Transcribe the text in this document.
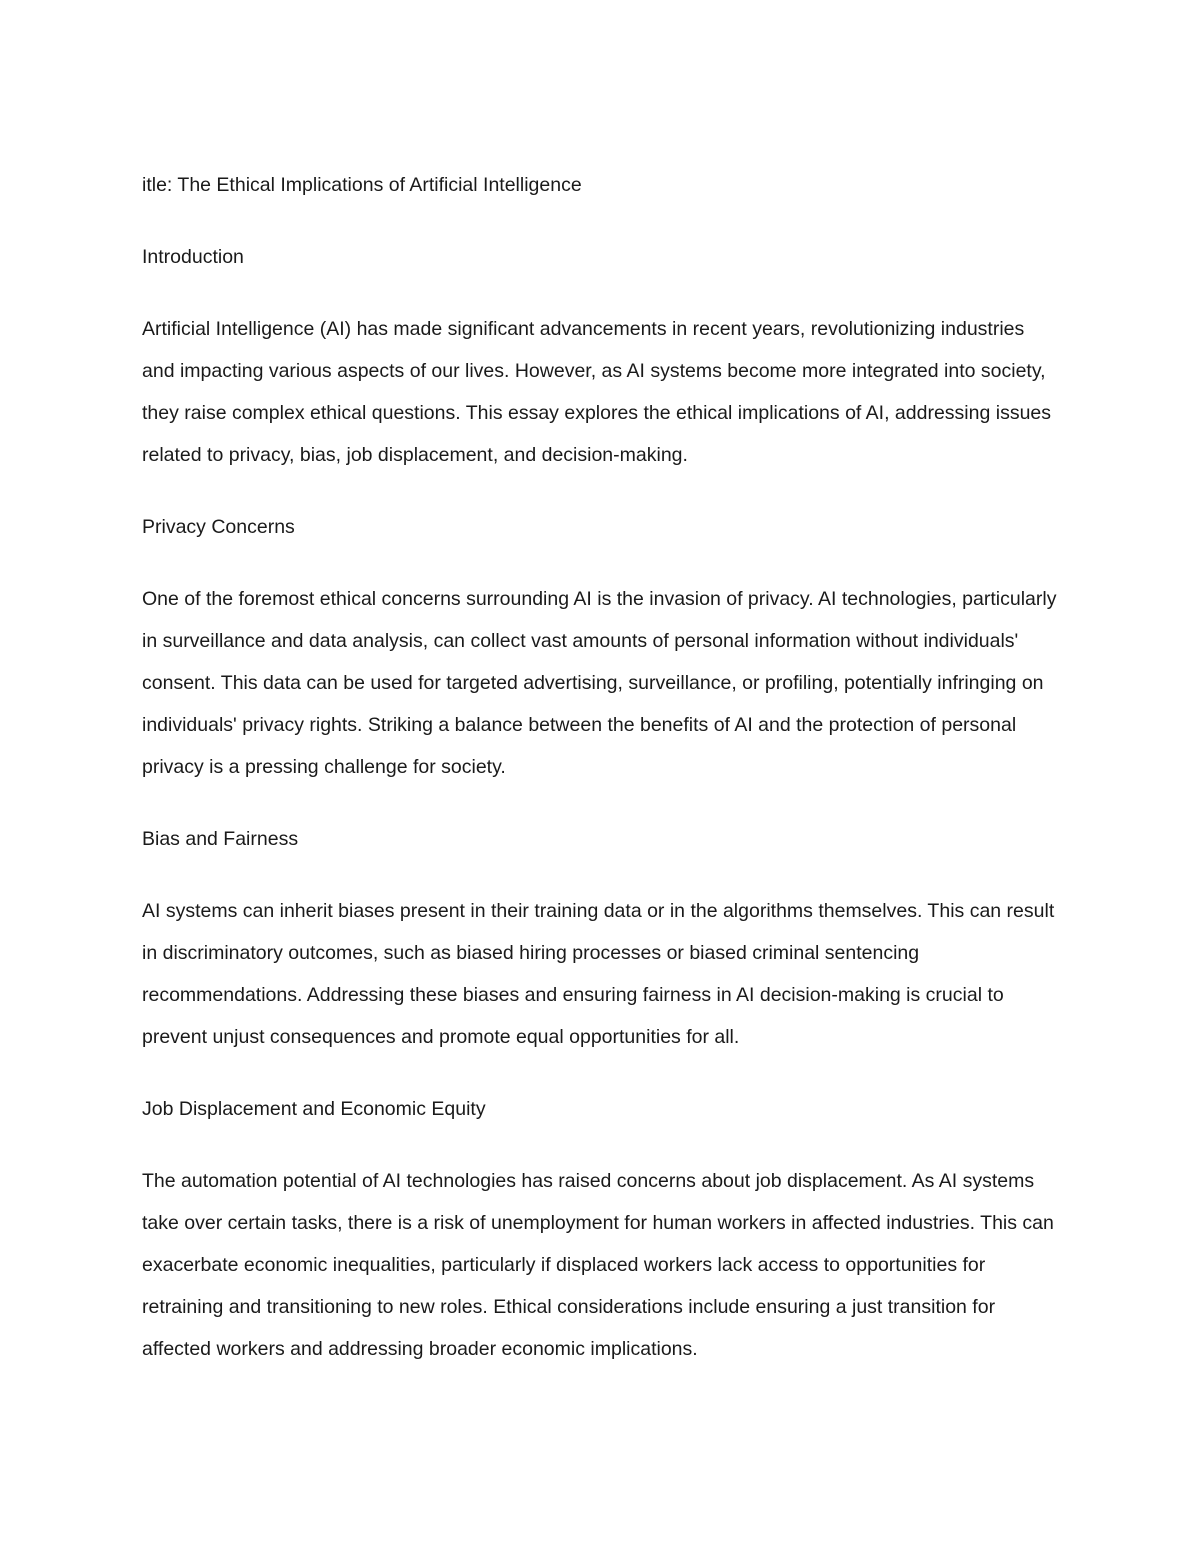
itle: The Ethical Implications of Artificial Intelligence

Introduction

Artificial Intelligence (AI) has made significant advancements in recent years, revolutionizing industries and impacting various aspects of our lives. However, as AI systems become more integrated into society, they raise complex ethical questions. This essay explores the ethical implications of AI, addressing issues related to privacy, bias, job displacement, and decision-making.

Privacy Concerns

One of the foremost ethical concerns surrounding AI is the invasion of privacy. AI technologies, particularly in surveillance and data analysis, can collect vast amounts of personal information without individuals' consent. This data can be used for targeted advertising, surveillance, or profiling, potentially infringing on individuals' privacy rights. Striking a balance between the benefits of AI and the protection of personal privacy is a pressing challenge for society.

Bias and Fairness

AI systems can inherit biases present in their training data or in the algorithms themselves. This can result in discriminatory outcomes, such as biased hiring processes or biased criminal sentencing recommendations. Addressing these biases and ensuring fairness in AI decision-making is crucial to prevent unjust consequences and promote equal opportunities for all.

Job Displacement and Economic Equity

The automation potential of AI technologies has raised concerns about job displacement. As AI systems take over certain tasks, there is a risk of unemployment for human workers in affected industries. This can exacerbate economic inequalities, particularly if displaced workers lack access to opportunities for retraining and transitioning to new roles. Ethical considerations include ensuring a just transition for affected workers and addressing broader economic implications.
